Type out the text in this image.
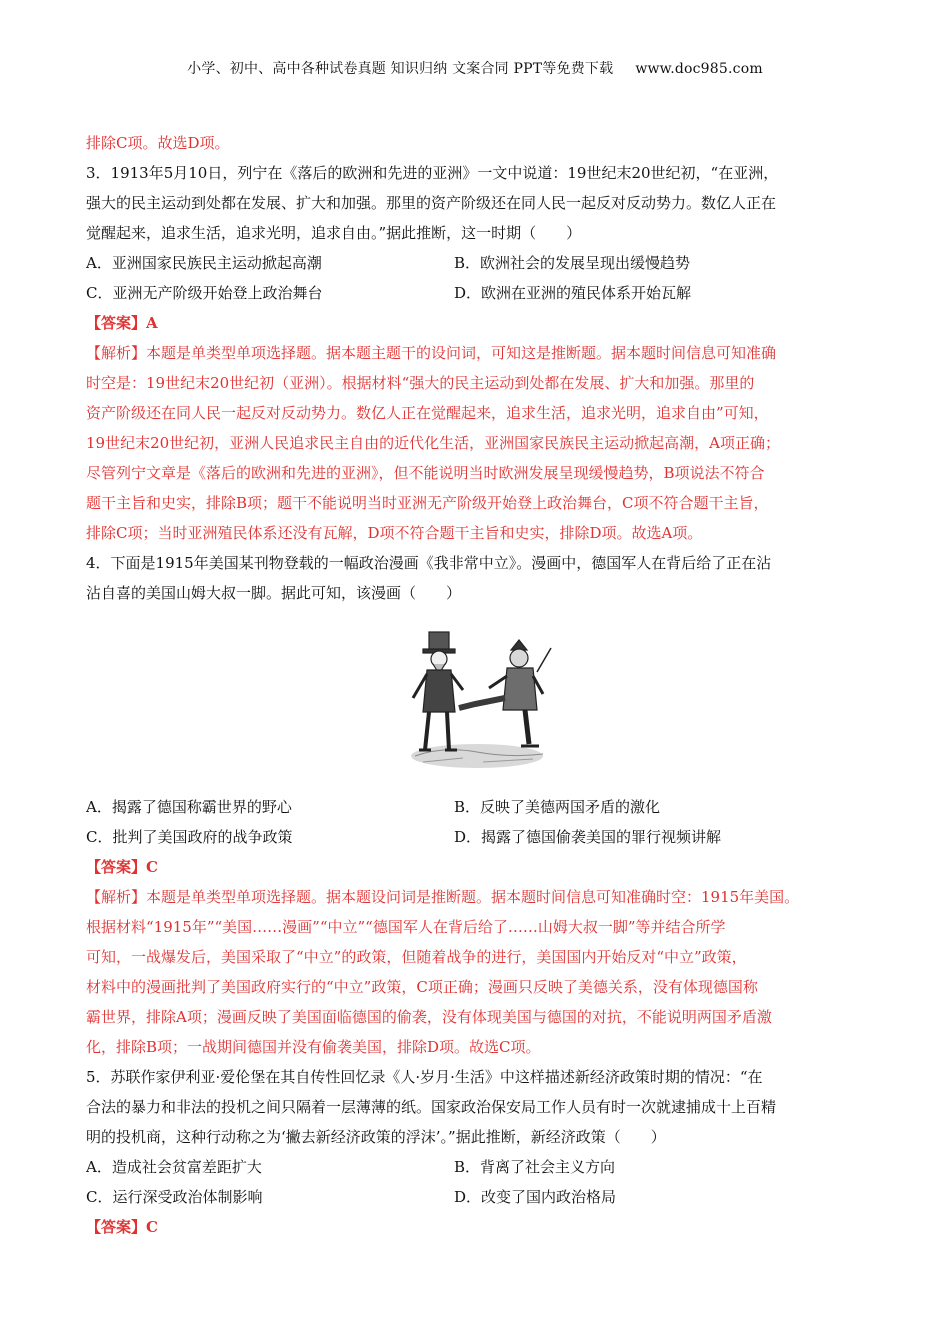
小学、初中、高中各种试卷真题 知识归纳 文案合同 PPT等免费下载 www.doc985.com
排除C项。故选D项。
3．1913年5月10日，列宁在《落后的欧洲和先进的亚洲》一文中说道：19世纪末20世纪初，“在亚洲，
强大的民主运动到处都在发展、扩大和加强。那里的资产阶级还在同人民一起反对反动势力。数亿人正在
觉醒起来，追求生活，追求光明，追求自由。”据此推断，这一时期（　　）
A．亚洲国家民族民主运动掀起高潮	B．欧洲社会的发展呈现出缓慢趋势
C．亚洲无产阶级开始登上政治舞台	D．欧洲在亚洲的殖民体系开始瓦解
【答案】A
【解析】本题是单类型单项选择题。据本题主题干的设问词，可知这是推断题。据本题时间信息可知准确
时空是：19世纪末20世纪初（亚洲）。根据材料“强大的民主运动到处都在发展、扩大和加强。那里的
资产阶级还在同人民一起反对反动势力。数亿人正在觉醒起来，追求生活，追求光明，追求自由”可知，
19世纪末20世纪初，亚洲人民追求民主自由的近代化生活，亚洲国家民族民主运动掀起高潮，A项正确；
尽管列宁文章是《落后的欧洲和先进的亚洲》，但不能说明当时欧洲发展呈现缓慢趋势，B项说法不符合
题干主旨和史实，排除B项；题干不能说明当时亚洲无产阶级开始登上政治舞台，C项不符合题干主旨，
排除C项；当时亚洲殖民体系还没有瓦解，D项不符合题干主旨和史实，排除D项。故选A项。
4．下面是1915年美国某刊物登载的一幅政治漫画《我非常中立》。漫画中，德国军人在背后给了正在沾
沾自喜的美国山姆大叔一脚。据此可知，该漫画（　　）
A．揭露了德国称霸世界的野心	B．反映了美德两国矛盾的激化
C．批判了美国政府的战争政策	D．揭露了德国偷袭美国的罪行视频讲解
【答案】C
【解析】本题是单类型单项选择题。据本题设问词是推断题。据本题时间信息可知准确时空：1915年美国。
根据材料“1915年”“美国……漫画”“中立”“德国军人在背后给了……山姆大叔一脚”等并结合所学
可知，一战爆发后，美国采取了“中立”的政策，但随着战争的进行，美国国内开始反对“中立”政策，
材料中的漫画批判了美国政府实行的“中立”政策，C项正确；漫画只反映了美德关系，没有体现德国称
霸世界，排除A项；漫画反映了美国面临德国的偷袭，没有体现美国与德国的对抗，不能说明两国矛盾激
化，排除B项；一战期间德国并没有偷袭美国，排除D项。故选C项。
5．苏联作家伊利亚·爱伦堡在其自传性回忆录《人·岁月·生活》中这样描述新经济政策时期的情况：“在
合法的暴力和非法的投机之间只隔着一层薄薄的纸。国家政治保安局工作人员有时一次就逮捕成十上百精
明的投机商，这种行动称之为‘撇去新经济政策的浮沫’。”据此推断，新经济政策（　　）
A．造成社会贫富差距扩大	B．背离了社会主义方向
C．运行深受政治体制影响	D．改变了国内政治格局
【答案】C
